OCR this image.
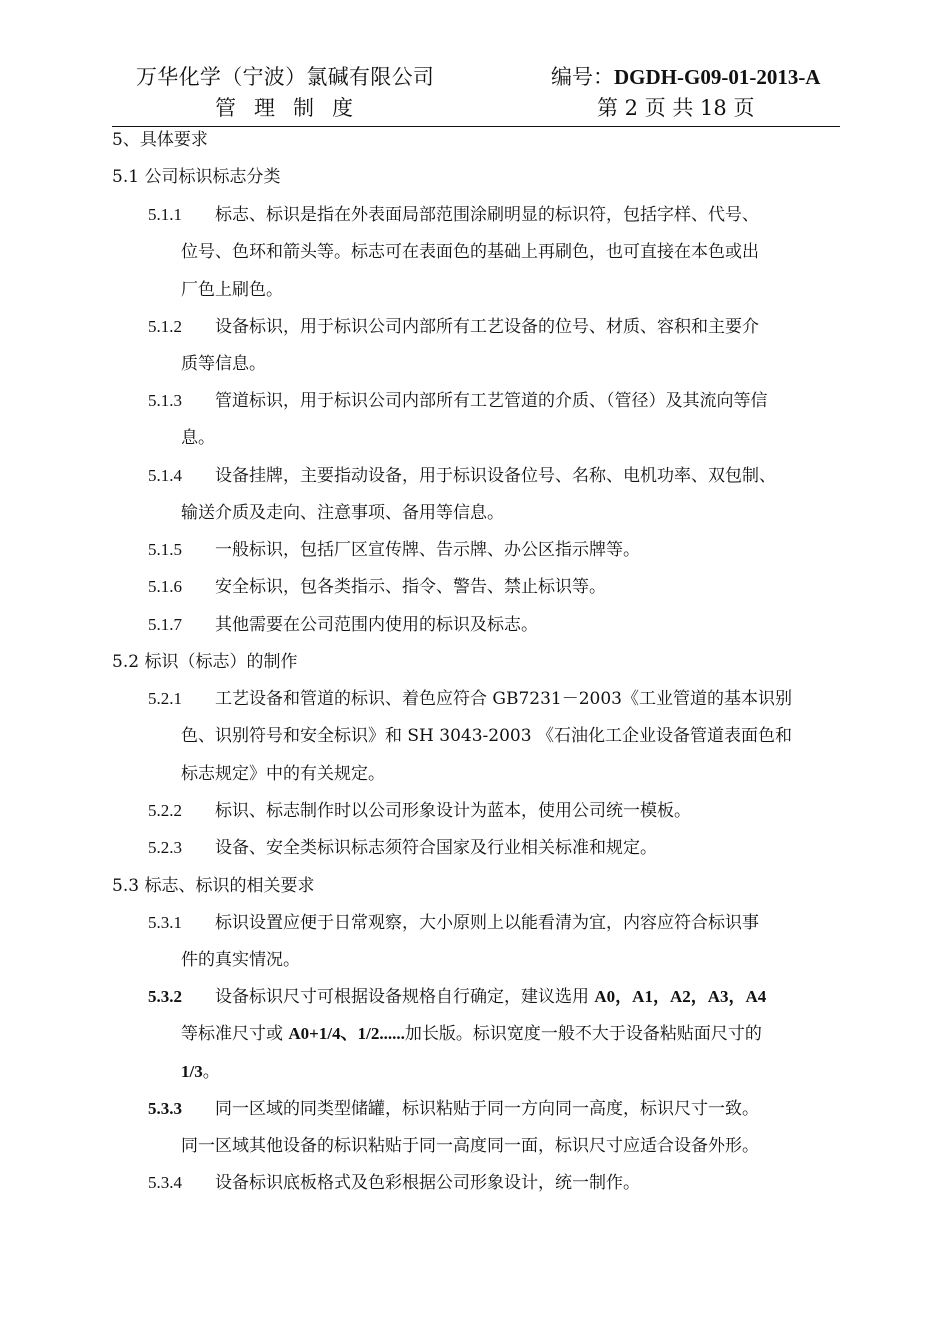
万华化学（宁波）氯碱有限公司	编号：DGDH-G09-01-2013-A
管理制度	第 2 页 共 18 页
5、具体要求
5.1 公司标识标志分类
5.1.1 标志、标识是指在外表面局部范围涂刷明显的标识符，包括字样、代号、
位号、色环和箭头等。标志可在表面色的基础上再刷色，也可直接在本色或出
厂色上刷色。
5.1.2 设备标识，用于标识公司内部所有工艺设备的位号、材质、容积和主要介
质等信息。
5.1.3 管道标识，用于标识公司内部所有工艺管道的介质、（管径）及其流向等信
息。
5.1.4 设备挂牌，主要指动设备，用于标识设备位号、名称、电机功率、双包制、
输送介质及走向、注意事项、备用等信息。
5.1.5 一般标识，包括厂区宣传牌、告示牌、办公区指示牌等。
5.1.6 安全标识，包各类指示、指令、警告、禁止标识等。
5.1.7 其他需要在公司范围内使用的标识及标志。
5.2 标识（标志）的制作
5.2.1 工艺设备和管道的标识、着色应符合 GB7231－2003《工业管道的基本识别
色、识别符号和安全标识》和 SH 3043-2003 《石油化工企业设备管道表面色和
标志规定》中的有关规定。
5.2.2 标识、标志制作时以公司形象设计为蓝本，使用公司统一模板。
5.2.3 设备、安全类标识标志须符合国家及行业相关标准和规定。
5.3 标志、标识的相关要求
5.3.1 标识设置应便于日常观察，大小原则上以能看清为宜，内容应符合标识事
件的真实情况。
5.3.2 设备标识尺寸可根据设备规格自行确定，建议选用 A0，A1，A2，A3，A4
等标准尺寸或 A0+1/4、1/2......加长版。标识宽度一般不大于设备粘贴面尺寸的
1/3。
5.3.3 同一区域的同类型储罐，标识粘贴于同一方向同一高度，标识尺寸一致。
同一区域其他设备的标识粘贴于同一高度同一面，标识尺寸应适合设备外形。
5.3.4 设备标识底板格式及色彩根据公司形象设计，统一制作。
